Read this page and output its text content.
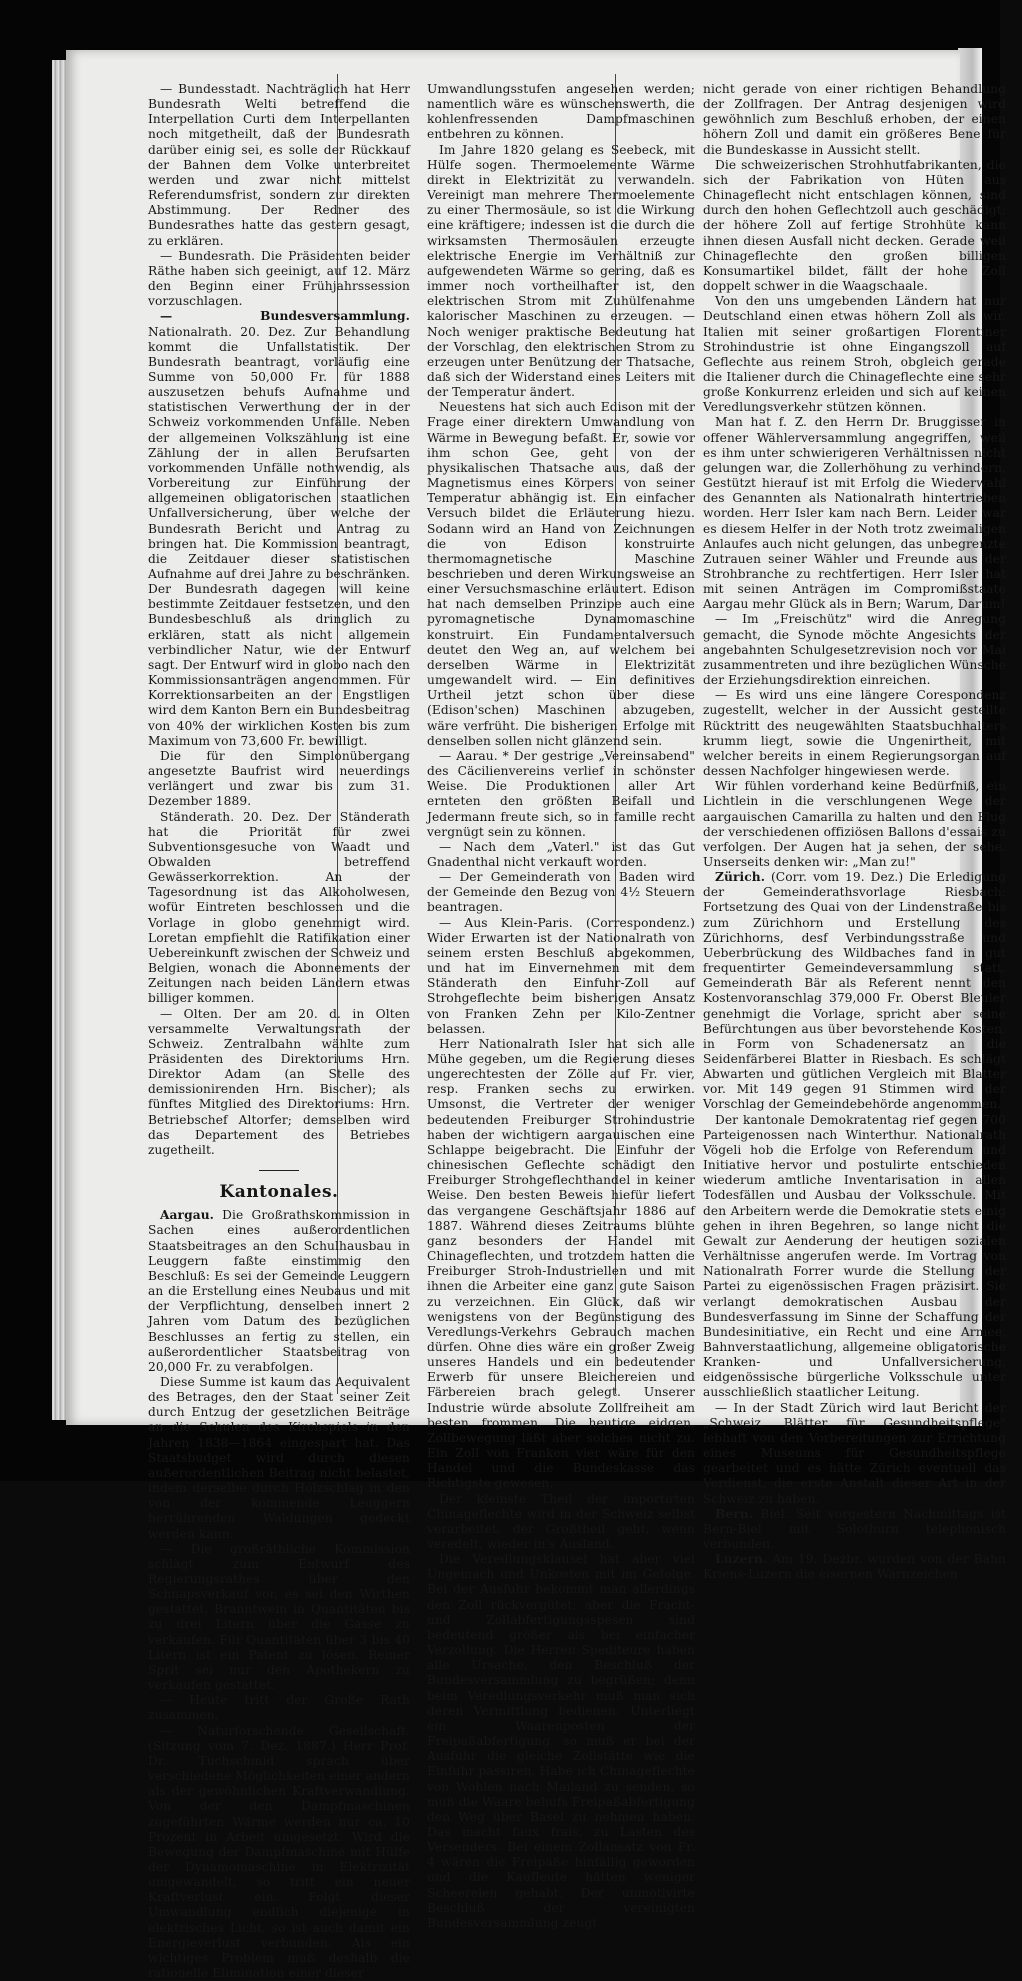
— Bundesstadt. Nachträglich hat Herr Bundesrath Welti betreffend die Interpellation Curti dem Interpellanten noch mitgetheilt, daß der Bundesrath darüber einig sei, es solle der Rückkauf der Bahnen dem Volke unterbreitet werden und zwar nicht mittelst Referendumsfrist, sondern zur direkten Abstimmung. Der Redner des Bundesrathes hatte das gestern gesagt, zu erklären.

— Bundesrath. Die Präsidenten beider Räthe haben sich geeinigt, auf 12. März den Beginn einer Frühjahrssession vorzuschlagen.

— Bundesversammlung. Nationalrath. 20. Dez. Zur Behandlung kommt die Unfallstatistik. Der Bundesrath beantragt, vorläufig eine Summe von 50,000 Fr. für 1888 auszusetzen behufs Aufnahme und statistischen Verwerthung der in der Schweiz vorkommenden Unfälle. Neben der allgemeinen Volkszählung ist eine Zählung der in allen Berufsarten vorkommenden Unfälle nothwendig, als Vorbereitung zur Einführung der allgemeinen obligatorischen staatlichen Unfallversicherung, über welche der Bundesrath Bericht und Antrag zu bringen hat. Die Kommission beantragt, die Zeitdauer dieser statistischen Aufnahme auf drei Jahre zu beschränken. Der Bundesrath dagegen will keine bestimmte Zeitdauer festsetzen, und den Bundesbeschluß als dringlich zu erklären, statt als nicht allgemein verbindlicher Natur, wie der Entwurf sagt. Der Entwurf wird in globo nach den Kommissionsanträgen angenommen. Für Korrektionsarbeiten an der Engstligen wird dem Kanton Bern ein Bundesbeitrag von 40% der wirklichen Kosten bis zum Maximum von 73,600 Fr. bewilligt.

Die für den Simplonübergang angesetzte Baufrist wird neuerdings verlängert und zwar bis zum 31. Dezember 1889.

Ständerath. 20. Dez. Der Ständerath hat die Priorität für zwei Subventionsgesuche von Waadt und Obwalden betreffend Gewässerkorrektion. An der Tagesordnung ist das Alkoholwesen, wofür Eintreten beschlossen und die Vorlage in globo genehmigt wird. Loretan empfiehlt die Ratifikation einer Uebereinkunft zwischen der Schweiz und Belgien, wonach die Abonnements der Zeitungen nach beiden Ländern etwas billiger kommen.

— Olten. Der am 20. d. in Olten versammelte Verwaltungsrath der Schweiz. Zentralbahn wählte zum Präsidenten des Direktoriums Hrn. Direktor Adam (an Stelle des demissionirenden Hrn. Bischer); als fünftes Mitglied des Direktoriums: Hrn. Betriebschef Altorfer; demselben wird das Departement des Betriebes zugetheilt.

Kantonales.

Aargau. Die Großrathskommission in Sachen eines außerordentlichen Staatsbeitrages an den Schulhausbau in Leuggern faßte einstimmig den Beschluß: Es sei der Gemeinde Leuggern an die Erstellung eines Neubaus und mit der Verpflichtung, denselben innert 2 Jahren vom Datum des bezüglichen Beschlusses an fertig zu stellen, ein außerordentlicher Staatsbeitrag von 20,000 Fr. zu verabfolgen.

Diese Summe ist kaum das Aequivalent des Betrages, den der Staat seiner Zeit durch Entzug der gesetzlichen Beiträge an die Schulen des Kirchspiels in den Jahren 1838—1864 eingespart hat. Das Staatsbudget wird durch diesen außerordentlichen Beitrag nicht belastet, indem derselbe durch Holzschlag in den von der kommende Leuggern herrührenden Waldungen gedeckt werden kann.

— Die großräthliche Kommission schlägt zum Entwurf des Regierungsrathes über den Schnapsverkauf vor, es sei den Wirthen gestattet, Branntwein in Quantitäten bis zu drei Litern über die Gasse zu verkaufen. Für Quantitäten über 3 bis 40 Litern ist ein Patent zu lösen. Reiner Sprit sei nur den Apothekern zu verkaufen gestattet.

— Heute tritt der Große Rath zusammen.

— Naturforschende Gesellschaft. (Sitzung vom 7. Dez. 1887.) Herr Prof. Dr. Tuchschmid sprach über verschiedene Möglichkeiten einer andern als der gewöhnlichen Kraftverwandlung. Von der den Dampfmaschinen zugeführten Wärme werden nur ca. 10 Prozent in Arbeit umgesetzt. Wird die Bewegung der Dampfmaschine mit Hülfe der Dynamomaschine in Elektrizität umgewandelt, so tritt ein neuer Kraftverlust ein. Folgt dieser Umwandlung endlich diejenige in elektrisches Licht, so ist auch damit ein Energieverlust verbunden. Als ein wichtiges Problem muß deshalb die rationelle Elimination einer dieser

Umwandlungsstufen angesehen werden; namentlich wäre es wünschenswerth, die kohlenfressenden Dampfmaschinen entbehren zu können.

Im Jahre 1820 gelang es Seebeck, mit Hülfe sogen. Thermoelemente Wärme direkt in Elektrizität zu verwandeln. Vereinigt man mehrere Thermoelemente zu einer Thermosäule, so ist die Wirkung eine kräftigere; indessen ist die durch die wirksamsten Thermosäulen erzeugte elektrische Energie im Verhältniß zur aufgewendeten Wärme so gering, daß es immer noch vortheilhafter ist, den elektrischen Strom mit Zuhülfenahme kalorischer Maschinen zu erzeugen. — Noch weniger praktische Bedeutung hat der Vorschlag, den elektrischen Strom zu erzeugen unter Benützung der Thatsache, daß sich der Widerstand eines Leiters mit der Temperatur ändert.

Neuestens hat sich auch Edison mit der Frage einer direktern Umwandlung von Wärme in Bewegung befaßt. Er, sowie vor ihm schon Gee, geht von der physikalischen Thatsache aus, daß der Magnetismus eines Körpers von seiner Temperatur abhängig ist. Ein einfacher Versuch bildet die Erläuterung hiezu. Sodann wird an Hand von Zeichnungen die von Edison konstruirte thermomagnetische Maschine beschrieben und deren Wirkungsweise an einer Versuchsmaschine erläutert. Edison hat nach demselben Prinzipe auch eine pyromagnetische Dynamomaschine konstruirt. Ein Fundamentalversuch deutet den Weg an, auf welchem bei derselben Wärme in Elektrizität umgewandelt wird. — Ein definitives Urtheil jetzt schon über diese (Edison'schen) Maschinen abzugeben, wäre verfrüht. Die bisherigen Erfolge mit denselben sollen nicht glänzend sein.

— Aarau. * Der gestrige „Vereinsabend" des Cäcilienvereins verlief in schönster Weise. Die Produktionen aller Art ernteten den größten Beifall und Jedermann freute sich, so in famille recht vergnügt sein zu können.

— Nach dem „Vaterl." ist das Gut Gnadenthal nicht verkauft worden.

— Der Gemeinderath von Baden wird der Gemeinde den Bezug von 4½ Steuern beantragen.

— Aus Klein-Paris. (Correspondenz.) Wider Erwarten ist der Nationalrath von seinem ersten Beschluß abgekommen, und hat im Einvernehmen mit dem Ständerath den Einfuhr-Zoll auf Strohgeflechte beim bisherigen Ansatz von Franken Zehn per Kilo-Zentner belassen.

Herr Nationalrath Isler hat sich alle Mühe gegeben, um die Regierung dieses ungerechtesten der Zölle auf Fr. vier, resp. Franken sechs zu erwirken. Umsonst, die Vertreter der weniger bedeutenden Freiburger Strohindustrie haben der wichtigern aargauischen eine Schlappe beigebracht. Die Einfuhr der chinesischen Geflechte schädigt den Freiburger Strohgeflechthandel in keiner Weise. Den besten Beweis hiefür liefert das vergangene Geschäftsjahr 1886 auf 1887. Während dieses Zeitraums blühte ganz besonders der Handel mit Chinageflechten, und trotzdem hatten die Freiburger Stroh-Industriellen und mit ihnen die Arbeiter eine ganz gute Saison zu verzeichnen. Ein Glück, daß wir wenigstens von der Begünstigung des Veredlungs-Verkehrs Gebrauch machen dürfen. Ohne dies wäre ein großer Zweig unseres Handels und ein bedeutender Erwerb für unsere Bleichereien und Färbereien brach gelegt. Unserer Industrie würde absolute Zollfreiheit am besten frommen. Die heutige eidgen. Zollbewegung läßt aber solches nicht zu. Ein Zoll von Franken vier wäre für den Handel und die Bundeskasse das Richtigste gewesen.

Der kleinste Theil der importirten Chinageflechte wird in der Schweiz selbst verarbeitet, der Großtheil geht, wenn veredelt, wieder in's Ausland.

Die Veredlungsklausel hat aber viel Ungemach und Unkosten mit im Gefolge. Bei der Ausfuhr bekommt man allerdings den Zoll rückvergütet; aber die Fracht- und Zollabfertigungsspesen sind bedeutend größer als bei einfacher Verzollung. Die Herren Spediteure haben alle Ursache, den Beschluß der Bundesversammlung zu begrüßen; denn beim Veredlungsverkehr muß man sich deren Vermittlung bedienen. Unterliegt ein Waarenposten der Freipaßabfertigung, so muß er bei der Ausfuhr die gleiche Zollstätte wie die Einfuhr passiren. Habe ich Chinageflechte von Wohlen nach Mailand zu senden, so muß die Waare behufs Freipaßabfertigung den Weg über Basel zu nehmen haben. Das macht faux frais, zu Lasten des Versenders. Bei einem Zollansatz von Fr. 4 wären die Freipäße hinfällig geworden und die Kaufleute hätten weniger Scheereien gehabt. Der unmotivirte Beschluß der vereinigten Bundesversammlung zeugt

nicht gerade von einer richtigen Behandlung der Zollfragen. Der Antrag desjenigen wird gewöhnlich zum Beschluß erhoben, der einen höhern Zoll und damit ein größeres Bene für die Bundeskasse in Aussicht stellt.

Die schweizerischen Strohhutfabrikanten, die sich der Fabrikation von Hüten aus Chinageflecht nicht entschlagen können, sind durch den hohen Geflechtzoll auch geschädigt; der höhere Zoll auf fertige Strohhüte kann ihnen diesen Ausfall nicht decken. Gerade weil Chinageflechte den großen billigen Konsumartikel bildet, fällt der hohe Zoll doppelt schwer in die Waagschaale.

Von den uns umgebenden Ländern hat nur Deutschland einen etwas höhern Zoll als wir. Italien mit seiner großartigen Florentiner Strohindustrie ist ohne Eingangszoll auf Geflechte aus reinem Stroh, obgleich gerade die Italiener durch die Chinageflechte eine sehr große Konkurrenz erleiden und sich auf keinen Veredlungsverkehr stützen können.

Man hat f. Z. den Herrn Dr. Bruggisser in offener Wählerversammlung angegriffen, weil es ihm unter schwierigeren Verhältnissen nicht gelungen war, die Zollerhöhung zu verhindern. Gestützt hierauf ist mit Erfolg die Wiederwahl des Genannten als Nationalrath hintertrieben worden. Herr Isler kam nach Bern. Leider war es diesem Helfer in der Noth trotz zweimaligen Anlaufes auch nicht gelungen, das unbegrenzte Zutrauen seiner Wähler und Freunde aus der Strohbranche zu rechtfertigen. Herr Isler hat mit seinen Anträgen im Compromißstaate Aargau mehr Glück als in Bern; Warum, Darum!

— Im „Freischütz" wird die Anregung gemacht, die Synode möchte Angesichts der angebahnten Schulgesetzrevision noch vor Mai zusammentreten und ihre bezüglichen Wünsche der Erziehungsdirektion einreichen.

— Es wird uns eine längere Corespondenz zugestellt, welcher in der Aussicht gestellte Rücktritt des neugewählten Staatsbuchhalters krumm liegt, sowie die Ungenirtheit, mit welcher bereits in einem Regierungsorgan auf dessen Nachfolger hingewiesen werde.

Wir fühlen vorderhand keine Bedürfniß, ein Lichtlein in die verschlungenen Wege der aargauischen Camarilla zu halten und den Flug der verschiedenen offiziösen Ballons d'essais zu verfolgen. Der Augen hat ja sehen, der sehe. Unserseits denken wir: „Man zu!"

Zürich. (Corr. vom 19. Dez.) Die Erledigung der Gemeinderathsvorlage Riesbach: Fortsetzung des Quai von der Lindenstraße bis zum Zürichhorn und Erstellung des Zürichhorns, desf Verbindungsstraße und Ueberbrückung des Wildbaches fand in gut frequentirter Gemeindeversammlung statt. Gemeinderath Bär als Referent nennt den Kostenvoranschlag 379,000 Fr. Oberst Bleuler genehmigt die Vorlage, spricht aber seine Befürchtungen aus über bevorstehende Kosten, in Form von Schadenersatz an die Seidenfärberei Blatter in Riesbach. Es schlägt Abwarten und gütlichen Vergleich mit Blatter vor. Mit 149 gegen 91 Stimmen wird der Vorschlag der Gemeindebehörde angenommen.

Der kantonale Demokratentag rief gegen 700 Parteigenossen nach Winterthur. Nationalrath Vögeli hob die Erfolge von Referendum und Initiative hervor und postulirte entschieden wiederum amtliche Inventarisation in allen Todesfällen und Ausbau der Volksschule. Mit den Arbeitern werde die Demokratie stets einig gehen in ihren Begehren, so lange nicht die Gewalt zur Aenderung der heutigen sozialen Verhältnisse angerufen werde. Im Vortrag von Nationalrath Forrer wurde die Stellung der Partei zu eigenössischen Fragen präzisirt. Sie verlangt demokratischen Ausbau der Bundesverfassung im Sinne der Schaffung der Bundesinitiative, ein Recht und eine Armee, Bahnverstaatlichung, allgemeine obligatorische Kranken- und Unfallversicherung, eidgenössische bürgerliche Volksschule unter ausschließlich staatlicher Leitung.

— In der Stadt Zürich wird laut Bericht der „Schweiz. Blätter für Gesundheitspflege" lebhaft von den Vorbereitungen zur Errichtung eines Museums für Gesundheitspflege gearbeitet und es hätte Zürich eventuell das Verdienst, die erste Anstalt dieser Art in der Schweiz zu haben.

Bern. Biel. Seit vorgestern Nachmittags ist Bern-Biel mit Solothurn telephonisch verbunden.

Luzern. Am 19. Dezbr. wurden von der Bahn Kriens-Luzern die eisernen Warnzeichen
